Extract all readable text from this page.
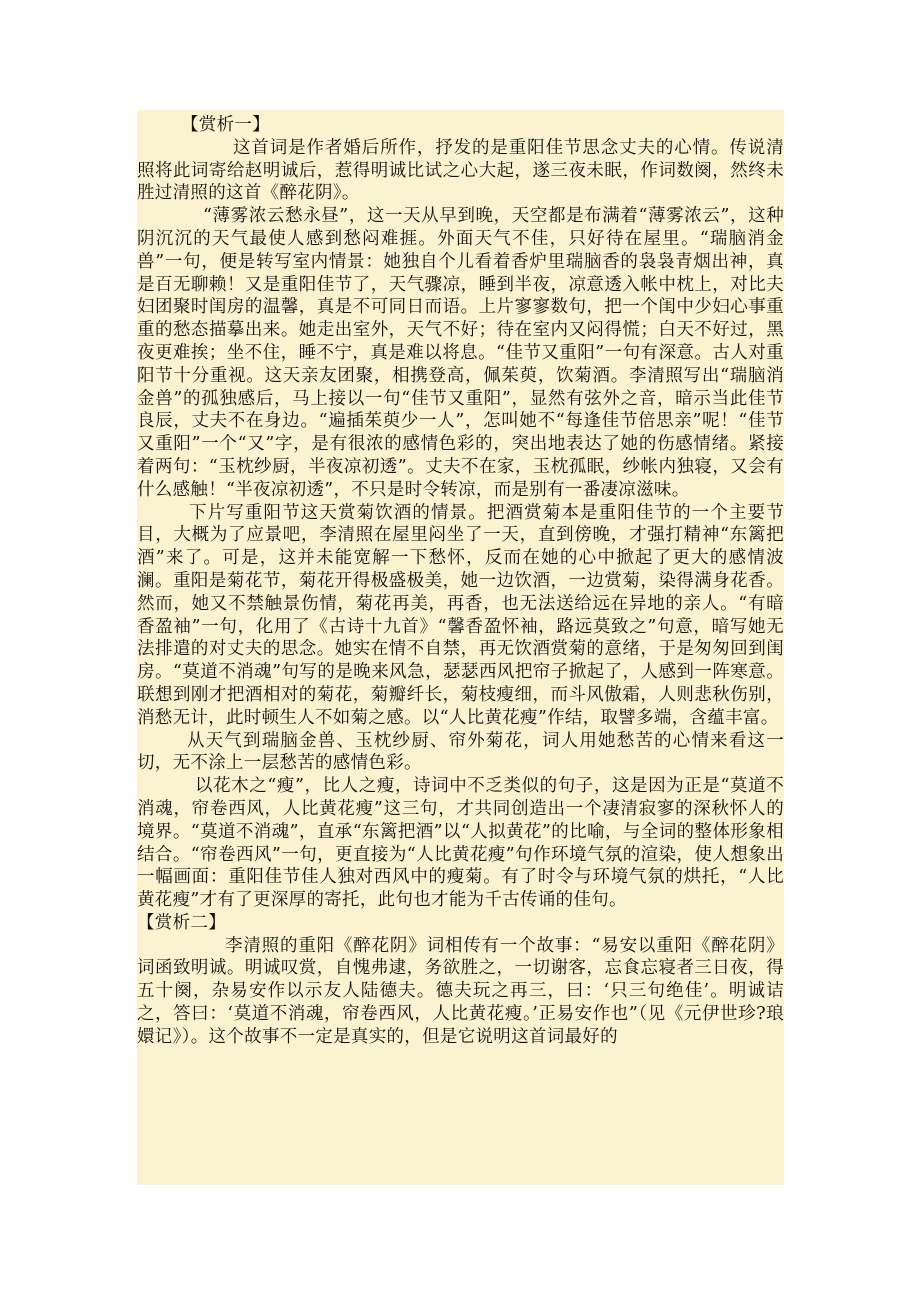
【赏析一】

这首词是作者婚后所作，抒发的是重阳佳节思念丈夫的心情。传说清照将此词寄给赵明诚后，惹得明诚比试之心大起，遂三夜未眠，作词数阕，然终未胜过清照的这首《醉花阴》。

“薄雾浓云愁永昼”，这一天从早到晚，天空都是布满着“薄雾浓云”，这种阴沉沉的天气最使人感到愁闷难捱。外面天气不佳，只好待在屋里。“瑞脑消金兽”一句，便是转写室内情景：她独自个儿看着香炉里瑞脑香的袅袅青烟出神，真是百无聊赖！又是重阳佳节了，天气骤凉，睡到半夜，凉意透入帐中枕上，对比夫妇团聚时闺房的温馨，真是不可同日而语。上片寥寥数句，把一个闺中少妇心事重重的愁态描摹出来。她走出室外，天气不好；待在室内又闷得慌；白天不好过，黑夜更难挨；坐不住，睡不宁，真是难以将息。“佳节又重阳”一句有深意。古人对重阳节十分重视。这天亲友团聚，相携登高，佩茱萸，饮菊酒。李清照写出“瑞脑消金兽”的孤独感后，马上接以一句“佳节又重阳”，显然有弦外之音，暗示当此佳节良辰，丈夫不在身边。“遍插茱萸少一人”，怎叫她不“每逢佳节倍思亲”呢！“佳节又重阳”一个“又”字，是有很浓的感情色彩的，突出地表达了她的伤感情绪。紧接着两句：“玉枕纱厨，半夜凉初透”。丈夫不在家，玉枕孤眠，纱帐内独寝，又会有什么感触！“半夜凉初透”，不只是时令转凉，而是别有一番凄凉滋味。

下片写重阳节这天赏菊饮酒的情景。把酒赏菊本是重阳佳节的一个主要节目，大概为了应景吧，李清照在屋里闷坐了一天，直到傍晚，才强打精神“东篱把酒”来了。可是，这并未能宽解一下愁怀，反而在她的心中掀起了更大的感情波澜。重阳是菊花节，菊花开得极盛极美，她一边饮酒，一边赏菊，染得满身花香。然而，她又不禁触景伤情，菊花再美，再香，也无法送给远在异地的亲人。“有暗香盈袖”一句，化用了《古诗十九首》“馨香盈怀袖，路远莫致之”句意，暗写她无法排遣的对丈夫的思念。她实在情不自禁，再无饮酒赏菊的意绪，于是匆匆回到闺房。“莫道不消魂”句写的是晚来风急，瑟瑟西风把帘子掀起了，人感到一阵寒意。联想到刚才把酒相对的菊花，菊瓣纤长，菊枝瘦细，而斗风傲霜，人则悲秋伤别，消愁无计，此时顿生人不如菊之感。以“人比黄花瘦”作结，取譬多端，含蕴丰富。

从天气到瑞脑金兽、玉枕纱厨、帘外菊花，词人用她愁苦的心情来看这一切，无不涂上一层愁苦的感情色彩。

以花木之“瘦”，比人之瘦，诗词中不乏类似的句子，这是因为正是“莫道不消魂，帘卷西风，人比黄花瘦”这三句，才共同创造出一个凄清寂寥的深秋怀人的境界。“莫道不消魂”，直承“东篱把酒”以“人拟黄花”的比喻，与全词的整体形象相结合。“帘卷西风”一句，更直接为“人比黄花瘦”句作环境气氛的渲染，使人想象出一幅画面：重阳佳节佳人独对西风中的瘦菊。有了时令与环境气氛的烘托，“人比黄花瘦”才有了更深厚的寄托，此句也才能为千古传诵的佳句。

【赏析二】

李清照的重阳《醉花阴》词相传有一个故事：“易安以重阳《醉花阴》词函致明诚。明诚叹赏，自愧弗逮，务欲胜之，一切谢客，忘食忘寝者三日夜，得五十阕，杂易安作以示友人陆德夫。德夫玩之再三，曰：‘只三句绝佳’。明诚诘之，答曰：‘莫道不消魂，帘卷西风，人比黄花瘦。’正易安作也”（见《元伊世珍?琅嬛记》）。这个故事不一定是真实的，但是它说明这首词最好的
